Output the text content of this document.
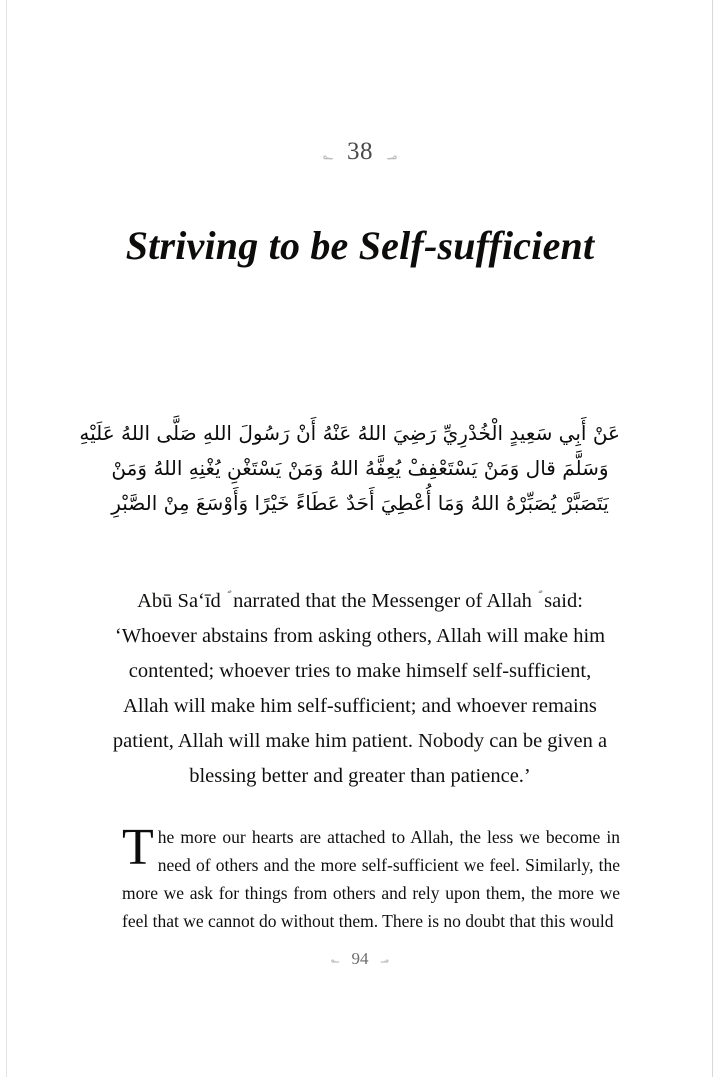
؃ 38 ؃
Striving to be Self-sufficient
عَنْ أَبِي سَعِيدٍ الْخُدْرِيِّ رَضِيَ اللهُ عَنْهُ أَنْ رَسُولَ اللهِ صَلَّى اللهُ عَلَيْهِ
وَسَلَّمَ قال وَمَنْ يَسْتَعْفِفْ يُعِفَّهُ اللهُ وَمَنْ يَسْتَغْنِ يُغْنِهِ اللهُ وَمَنْ
يَتَصَبَّرْ يُصَبِّرْهُ اللهُ وَمَا أُعْطِيَ أَحَدٌ عَطَاءً خَيْرًا وَأَوْسَعَ مِنْ الصَّبْرِ
Abū Saʻīd narrated that the Messenger of Allah said: ‘Whoever abstains from asking others, Allah will make him contented; whoever tries to make himself self-sufficient, Allah will make him self-sufficient; and whoever remains patient, Allah will make him patient. Nobody can be given a blessing better and greater than patience.’

The more our hearts are attached to Allah, the less we become in need of others and the more self-sufficient we feel. Similarly, the more we ask for things from others and rely upon them, the more we feel that we cannot do without them. There is no doubt that this would

؃ 94 ؃
